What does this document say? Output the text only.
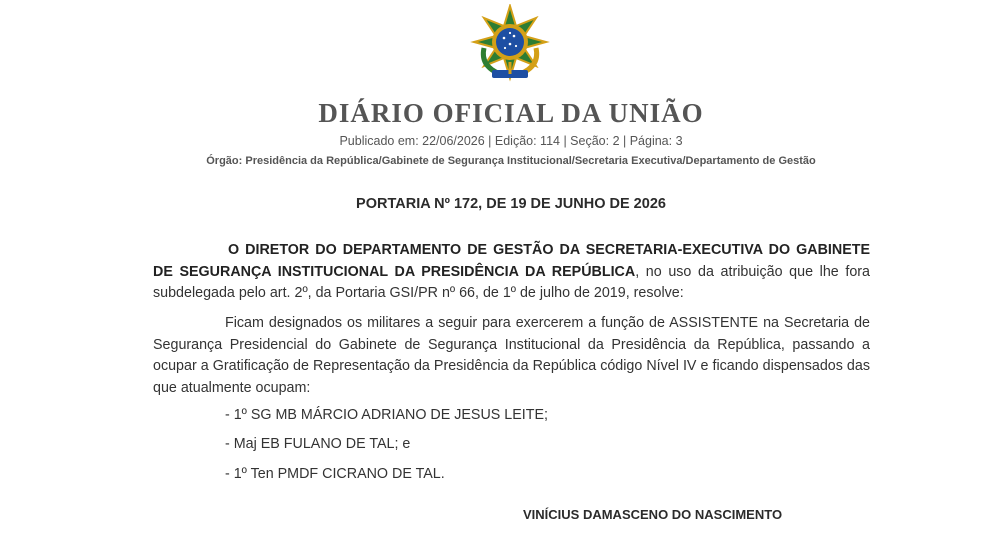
DIÁRIO OFICIAL DA UNIÃO
Publicado em: 22/06/2026 | Edição: 114 | Seção: 2 | Página: 3
Órgão: Presidência da República/Gabinete de Segurança Institucional/Secretaria Executiva/Departamento de Gestão
PORTARIA Nº 172, DE 19 DE JUNHO DE 2026
O DIRETOR DO DEPARTAMENTO DE GESTÃO DA SECRETARIA-EXECUTIVA DO GABINETE DE SEGURANÇA INSTITUCIONAL DA PRESIDÊNCIA DA REPÚBLICA, no uso da atribuição que lhe fora subdelegada pelo art. 2º, da Portaria GSI/PR nº 66, de 1º de julho de 2019, resolve:
Ficam designados os militares a seguir para exercerem a função de ASSISTENTE na Secretaria de Segurança Presidencial do Gabinete de Segurança Institucional da Presidência da República, passando a ocupar a Gratificação de Representação da Presidência da República código Nível IV e ficando dispensados das que atualmente ocupam:
- 1º SG MB MÁRCIO ADRIANO DE JESUS LEITE;
- Maj EB FULANO DE TAL; e
- 1º Ten PMDF CICRANO DE TAL.
VINÍCIUS DAMASCENO DO NASCIMENTO
